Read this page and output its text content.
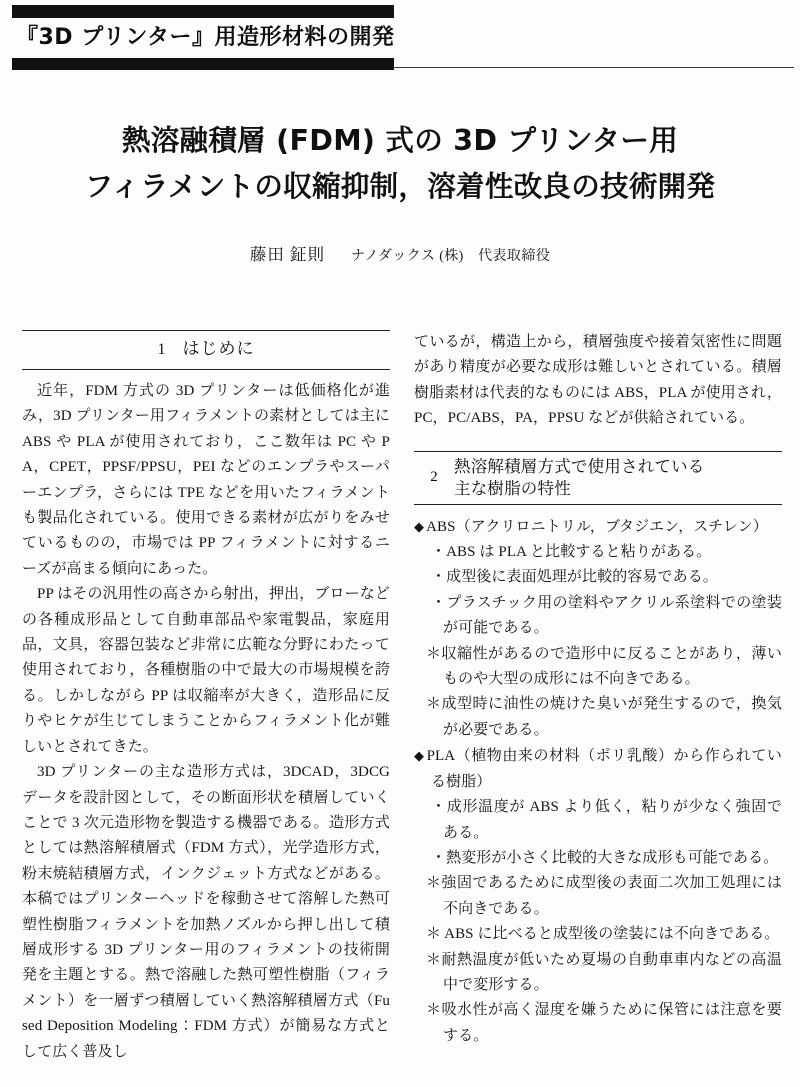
『3D プリンター』用造形材料の開発
熱溶融積層 (FDM) 式の 3D プリンター用
フィラメントの収縮抑制，溶着性改良の技術開発
藤田 鉦則 ナノダックス (株)　代表取締役
1 はじめに

近年，FDM 方式の 3D プリンターは低価格化が進み，3D プリンター用フィラメントの素材としては主に ABS や PLA が使用されており，ここ数年は PC や PA，CPET，PPSF/PPSU，PEI などのエンプラやスーパーエンプラ，さらには TPE などを用いたフィラメントも製品化されている。使用できる素材が広がりをみせているものの，市場では PP フィラメントに対するニーズが高まる傾向にあった。

PP はその汎用性の高さから射出，押出，ブローなどの各種成形品として自動車部品や家電製品，家庭用品，文具，容器包装など非常に広範な分野にわたって使用されており，各種樹脂の中で最大の市場規模を誇る。しかしながら PP は収縮率が大きく，造形品に反りやヒケが生じてしまうことからフィラメント化が難しいとされてきた。

3D プリンターの主な造形方式は，3DCAD，3DCG データを設計図として，その断面形状を積層していくことで 3 次元造形物を製造する機器である。造形方式としては熱溶解積層式（FDM 方式），光学造形方式，粉末焼結積層方式，インクジェット方式などがある。本稿ではプリンターヘッドを稼動させて溶解した熱可塑性樹脂フィラメントを加熱ノズルから押し出して積層成形する 3D プリンター用のフィラメントの技術開発を主題とする。熱で溶融した熱可塑性樹脂（フィラメント）を一層ずつ積層していく熱溶解積層方式（Fused Deposition Modeling：FDM 方式）が簡易な方式として広く普及し

ているが，構造上から，積層強度や接着気密性に問題があり精度が必要な成形は難しいとされている。積層樹脂素材は代表的なものには ABS，PLA が使用され，PC，PC/ABS，PA，PPSU などが供給されている。

2
熱溶解積層方式で使用されている
主な樹脂の特性
◆ ABS（アクリロニトリル，ブタジエン，スチレン）
・ABS は PLA と比較すると粘りがある。
・成型後に表面処理が比較的容易である。
・プラスチック用の塗料やアクリル系塗料での塗装が可能である。
＊収縮性があるので造形中に反ることがあり，薄いものや大型の成形には不向きである。
＊成型時に油性の焼けた臭いが発生するので，換気が必要である。
◆ PLA（植物由来の材料（ポリ乳酸）から作られている樹脂）
・成形温度が ABS より低く，粘りが少なく強固である。
・熱変形が小さく比較的大きな成形も可能である。
＊強固であるために成型後の表面二次加工処理には不向きである。
＊ ABS に比べると成型後の塗装には不向きである。
＊耐熱温度が低いため夏場の自動車車内などの高温中で変形する。
＊吸水性が高く湿度を嫌うために保管には注意を要する。
